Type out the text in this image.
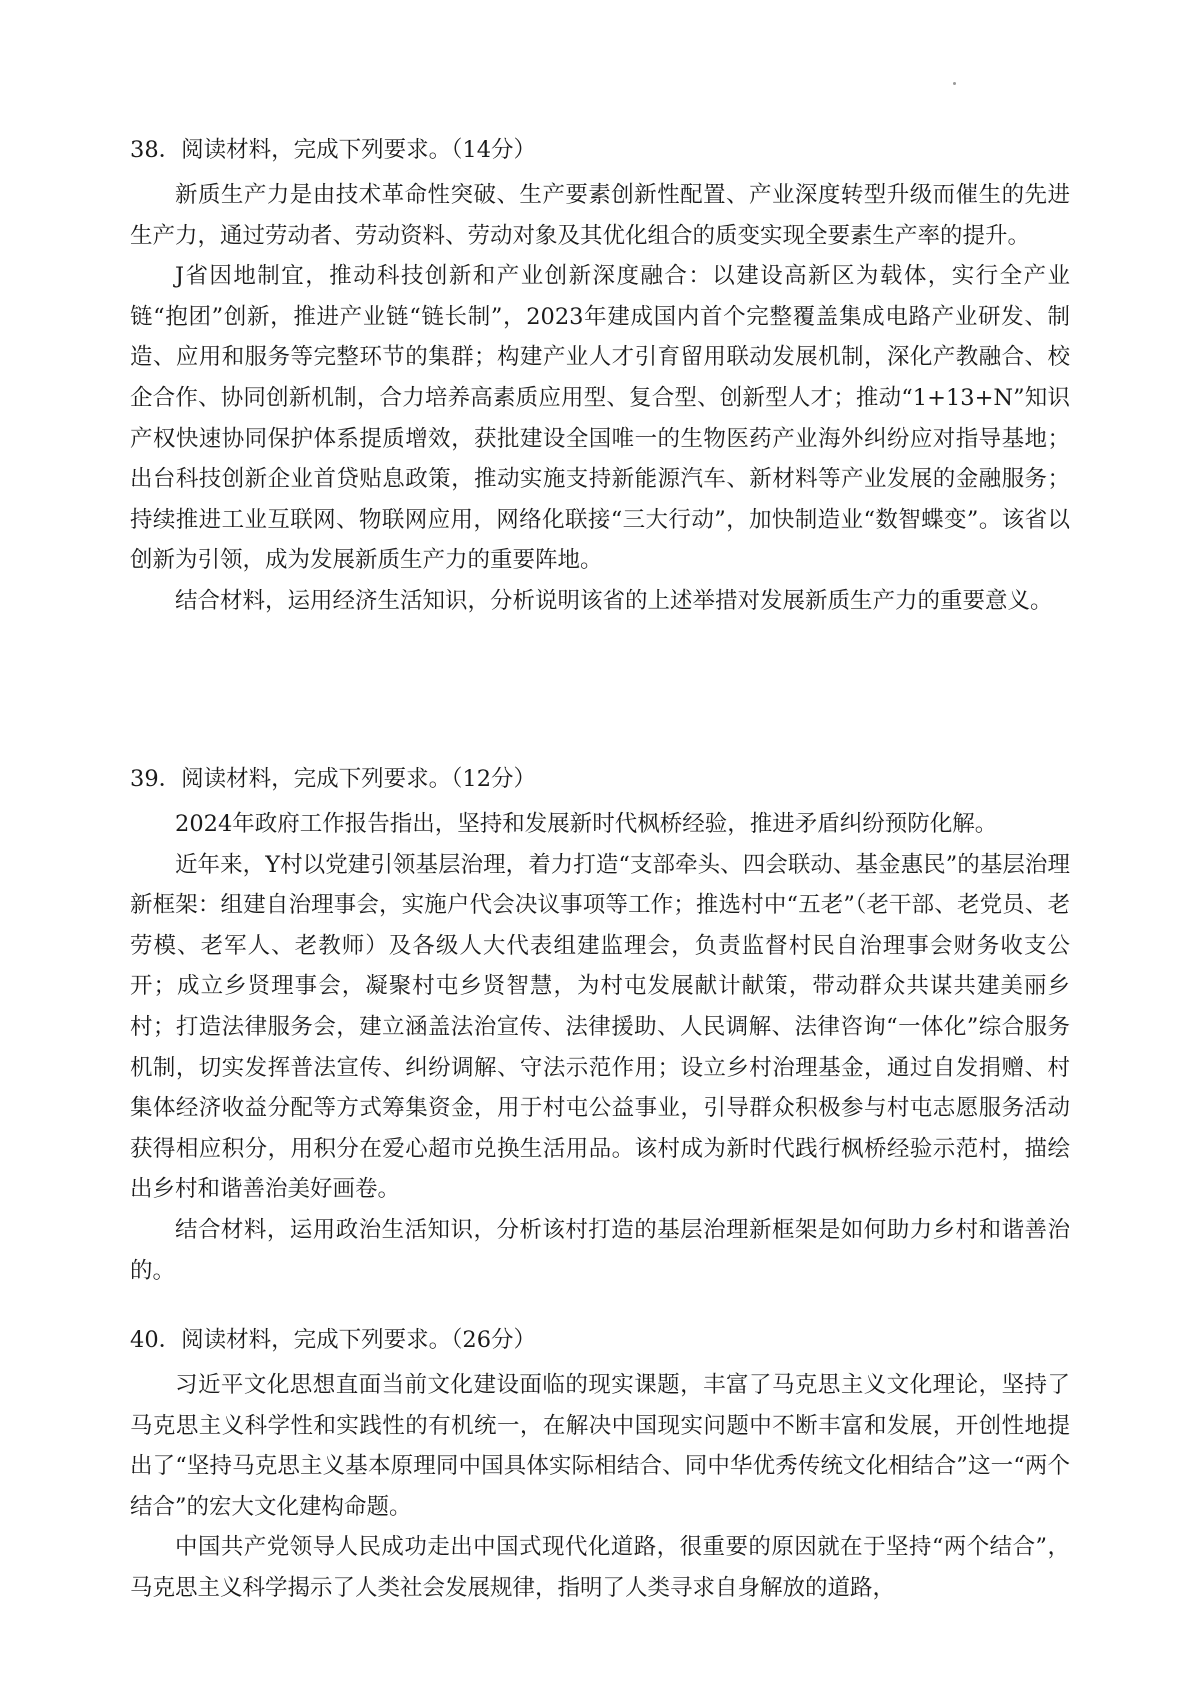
38．阅读材料，完成下列要求。（14分）

新质生产力是由技术革命性突破、生产要素创新性配置、产业深度转型升级而催生的先进生产力，通过劳动者、劳动资料、劳动对象及其优化组合的质变实现全要素生产率的提升。

J省因地制宜，推动科技创新和产业创新深度融合：以建设高新区为载体，实行全产业链“抱团”创新，推进产业链“链长制”，2023年建成国内首个完整覆盖集成电路产业研发、制造、应用和服务等完整环节的集群；构建产业人才引育留用联动发展机制，深化产教融合、校企合作、协同创新机制，合力培养高素质应用型、复合型、创新型人才；推动“1+13+N”知识产权快速协同保护体系提质增效，获批建设全国唯一的生物医药产业海外纠纷应对指导基地；出台科技创新企业首贷贴息政策，推动实施支持新能源汽车、新材料等产业发展的金融服务；持续推进工业互联网、物联网应用，网络化联接“三大行动”，加快制造业“数智蝶变”。该省以创新为引领，成为发展新质生产力的重要阵地。

结合材料，运用经济生活知识，分析说明该省的上述举措对发展新质生产力的重要意义。

39．阅读材料，完成下列要求。（12分）

2024年政府工作报告指出，坚持和发展新时代枫桥经验，推进矛盾纠纷预防化解。

近年来，Y村以党建引领基层治理，着力打造“支部牵头、四会联动、基金惠民”的基层治理新框架：组建自治理事会，实施户代会决议事项等工作；推选村中“五老”（老干部、老党员、老劳模、老军人、老教师）及各级人大代表组建监理会，负责监督村民自治理事会财务收支公开；成立乡贤理事会，凝聚村屯乡贤智慧，为村屯发展献计献策，带动群众共谋共建美丽乡村；打造法律服务会，建立涵盖法治宣传、法律援助、人民调解、法律咨询“一体化”综合服务机制，切实发挥普法宣传、纠纷调解、守法示范作用；设立乡村治理基金，通过自发捐赠、村集体经济收益分配等方式筹集资金，用于村屯公益事业，引导群众积极参与村屯志愿服务活动获得相应积分，用积分在爱心超市兑换生活用品。该村成为新时代践行枫桥经验示范村，描绘出乡村和谐善治美好画卷。

结合材料，运用政治生活知识，分析该村打造的基层治理新框架是如何助力乡村和谐善治的。

40．阅读材料，完成下列要求。（26分）

习近平文化思想直面当前文化建设面临的现实课题，丰富了马克思主义文化理论，坚持了马克思主义科学性和实践性的有机统一，在解决中国现实问题中不断丰富和发展，开创性地提出了“坚持马克思主义基本原理同中国具体实际相结合、同中华优秀传统文化相结合”这一“两个结合”的宏大文化建构命题。

中国共产党领导人民成功走出中国式现代化道路，很重要的原因就在于坚持“两个结合”，马克思主义科学揭示了人类社会发展规律，指明了人类寻求自身解放的道路，
